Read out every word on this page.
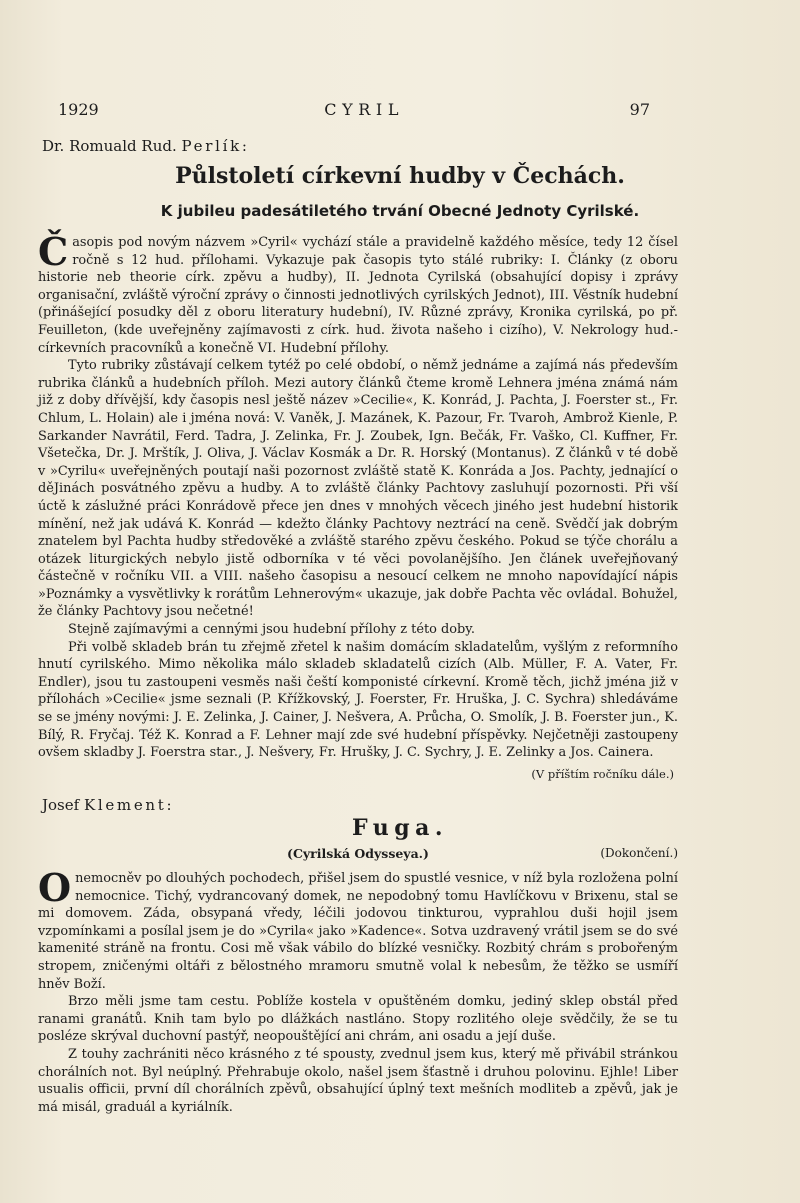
1929	CYRIL	97
Dr. Romuald Rud. Perlík:
Půlstoletí církevní hudby v Čechách.
K jubileu padesátiletého trvání Obecné Jednoty Cyrilské.

Časopis pod novým názvem »Cyril« vychází stále a pravidelně každého měsíce, tedy 12 čísel ročně s 12 hud. přílohami. Vykazuje pak časopis tyto stálé rubriky: I. Články (z oboru historie neb theorie círk. zpěvu a hudby), II. Jednota Cyrilská (obsahující dopisy i zprávy organisační, zvláště výroční zprávy o činnosti jednotlivých cyrilských Jednot), III. Věstník hudební (přinášející posudky děl z oboru literatury hudební), IV. Různé zprávy, Kronika cyrilská, po př. Feuilleton, (kde uveřejněny zajímavosti z círk. hud. života našeho i cizího), V. Nekrology hud.-církevních pracovníků a konečně VI. Hudební přílohy.

Tyto rubriky zůstávají celkem tytéž po celé období, o němž jednáme a zajímá nás především rubrika článků a hudebních příloh. Mezi autory článků čteme kromě Lehnera jména známá nám již z doby dřívější, kdy časopis nesl ještě název »Cecilie«, K. Konrád, J. Pachta, J. Foerster st., Fr. Chlum, L. Holain) ale i jména nová: V. Vaněk, J. Mazánek, K. Pazour, Fr. Tvaroh, Ambrož Kienle, P. Sarkander Navrátil, Ferd. Tadra, J. Zelinka, Fr. J. Zoubek, Ign. Bečák, Fr. Vaško, Cl. Kuffner, Fr. Všetečka, Dr. J. Mrštík, J. Oliva, J. Václav Kosmák a Dr. R. Horský (Montanus). Z článků v té době v »Cyrilu« uveřejněných poutají naši pozornost zvláště statě K. Konráda a Jos. Pachty, jednající o děJinách posvátného zpěvu a hudby. A to zvláště články Pachtovy zasluhují pozornosti. Při vší úctě k záslužné práci Konrádově přece jen dnes v mnohých věcech jiného jest hudební historik mínění, než jak udává K. Konrád — kdežto články Pachtovy neztrácí na ceně. Svědčí jak dobrým znatelem byl Pachta hudby středověké a zvláště starého zpěvu českého. Pokud se týče chorálu a otázek liturgických nebylo jistě odborníka v té věci povolanějšího. Jen článek uveřejňovaný částečně v ročníku VII. a VIII. našeho časopisu a nesoucí celkem ne mnoho napovídající nápis »Poznámky a vysvětlivky k rorátům Lehnerovým« ukazuje, jak dobře Pachta věc ovládal. Bohužel, že články Pachtovy jsou nečetné!

Stejně zajímavými a cennými jsou hudební přílohy z této doby.

Při volbě skladeb brán tu zřejmě zřetel k našim domácím skladatelům, vyšlým z reformního hnutí cyrilského. Mimo několika málo skladeb skladatelů cizích (Alb. Müller, F. A. Vater, Fr. Endler), jsou tu zastoupeni vesměs naši čeští komponisté církevní. Kromě těch, jichž jména již v přílohách »Cecilie« jsme seznali (P. Křížkovský, J. Foerster, Fr. Hruška, J. C. Sychra) shledáváme se se jmény novými: J. E. Zelinka, J. Cainer, J. Nešvera, A. Průcha, O. Smolík, J. B. Foerster jun., K. Bílý, R. Fryčaj. Též K. Konrad a F. Lehner mají zde své hudební příspěvky. Nejčetněji zastoupeny ovšem skladby J. Foerstra star., J. Nešvery, Fr. Hrušky, J. C. Sychry, J. E. Zelinky a Jos. Cainera.

(V příštím ročníku dále.)
Josef Klement:
Fuga.
(Cyrilská Odysseya.)	(Dokončení.)

Onemocněv po dlouhých pochodech, přišel jsem do spustlé vesnice, v níž byla rozložena polní nemocnice. Tichý, vydrancovaný domek, ne nepodobný tomu Havlíčkovu v Brixenu, stal se mi domovem. Záda, obsypaná vředy, léčili jodovou tinkturou, vyprahlou duši hojil jsem vzpomínkami a posílal jsem je do »Cyrila« jako »Kadence«. Sotva uzdravený vrátil jsem se do své kamenité stráně na frontu. Cosi mě však vábilo do blízké vesničky. Rozbitý chrám s probořeným stropem, zničenými oltáři z bělostného mramoru smutně volal k nebesům, že těžko se usmíří hněv Boží.

Brzo měli jsme tam cestu. Poblíže kostela v opuštěném domku, jediný sklep obstál před ranami granátů. Knih tam bylo po dlážkách nastláno. Stopy rozlitého oleje svědčily, že se tu posléze skrýval duchovní pastýř, neopouštějící ani chrám, ani osadu a její duše.

Z touhy zachrániti něco krásného z té spousty, zvednul jsem kus, který mě přivábil stránkou chorálních not. Byl neúplný. Přehrabuje okolo, našel jsem šťastně i druhou polovinu. Ejhle! Liber usualis officii, první díl chorálních zpěvů, obsahující úplný text mešních modliteb a zpěvů, jak je má misál, graduál a kyriálník.
